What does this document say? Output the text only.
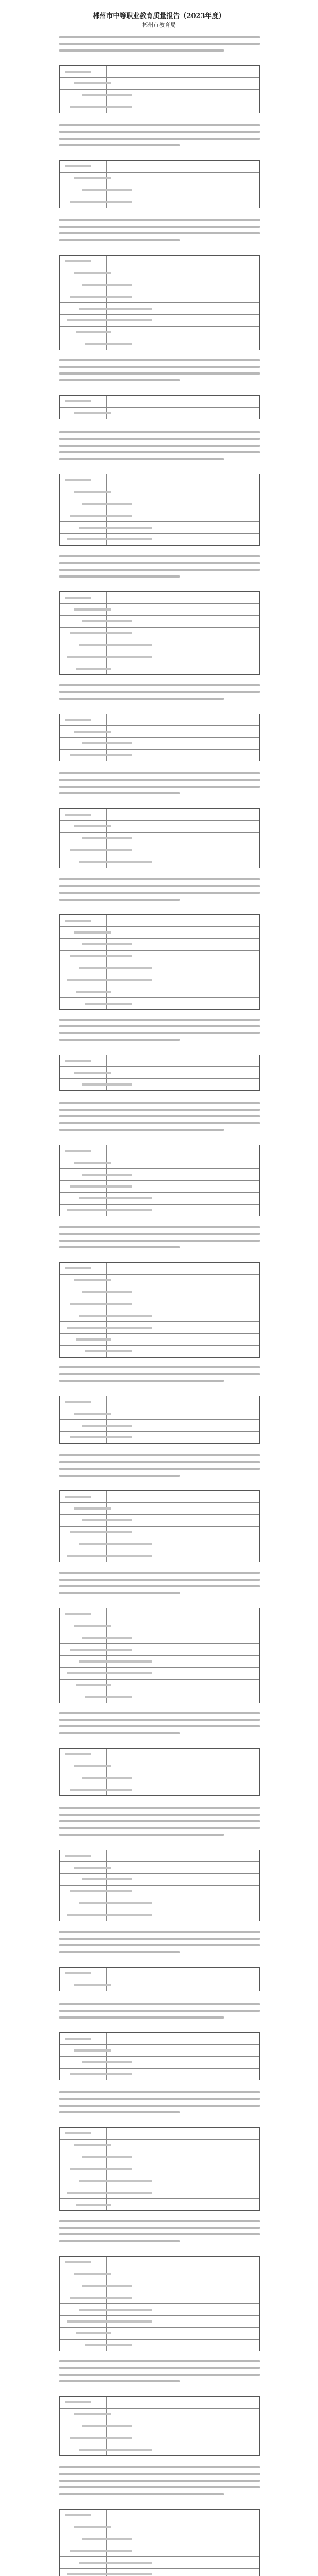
郴州市中等职业教育质量报告（2023年度）
郴州市教育局
